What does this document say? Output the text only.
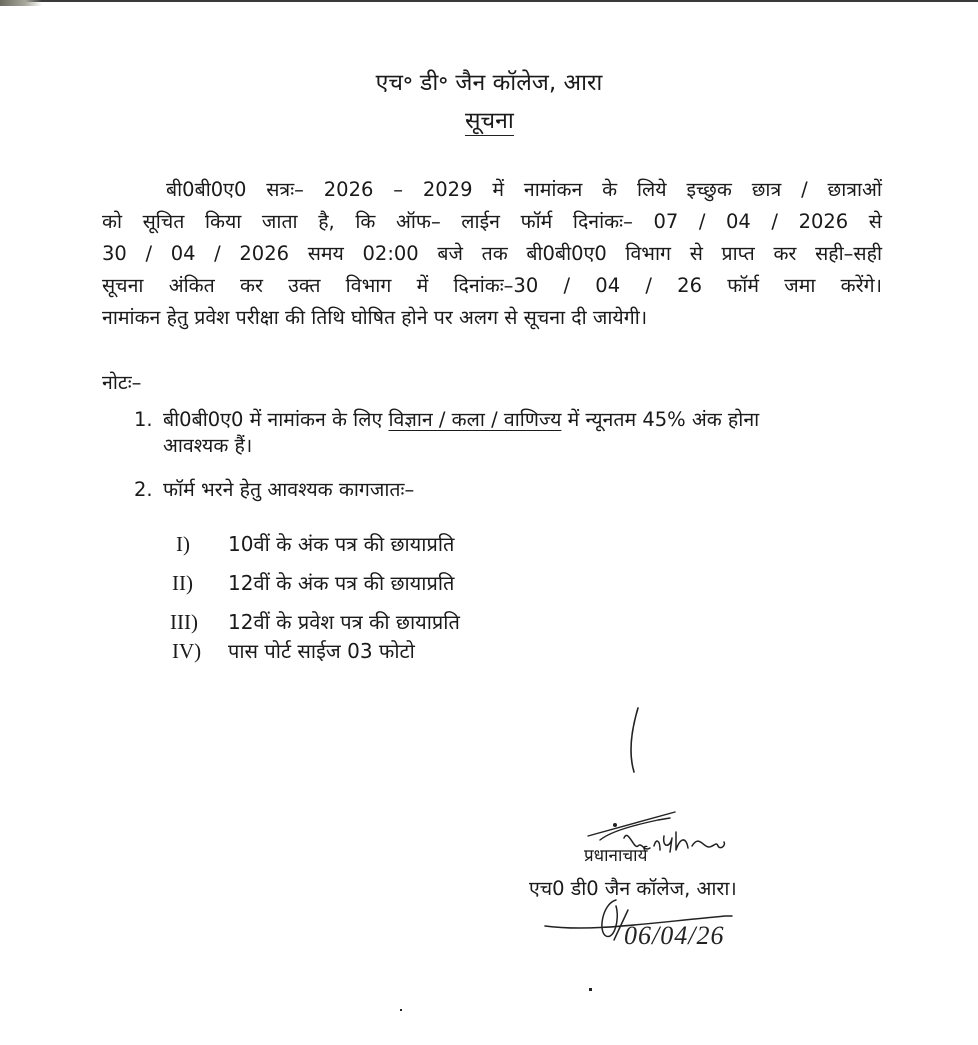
एच॰ डी॰ जैन कॉलेज, आरा
सूचना
बी0बी0ए0 सत्रः– 2026 – 2029 में नामांकन के लिये इच्छुक छात्र / छात्राओं
को सूचित किया जाता है, कि ऑफ– लाईन फॉर्म दिनांकः– 07 / 04 / 2026 से
30 / 04 / 2026 समय 02:00 बजे तक बी0बी0ए0 विभाग से प्राप्त कर सही–सही
सूचना अंकित कर उक्त विभाग में दिनांकः–30 / 04 / 26 फॉर्म जमा करेंगे।
नामांकन हेतु प्रवेश परीक्षा की तिथि घोषित होने पर अलग से सूचना दी जायेगी।
नोटः–
1. बी0बी0ए0 में नामांकन के लिए विज्ञान / कला / वाणिज्य में न्यूनतम 45% अंक होना
आवश्यक हैं।
2. फॉर्म भरने हेतु आवश्यक कागजातः–
I) 10वीं के अंक पत्र की छायाप्रति
II) 12वीं के अंक पत्र की छायाप्रति
III) 12वीं के प्रवेश पत्र की छायाप्रति
IV) पास पोर्ट साईज 03 फोटो
06/04/26
प्रधानाचार्य
एच0 डी0 जैन कॉलेज, आरा।
